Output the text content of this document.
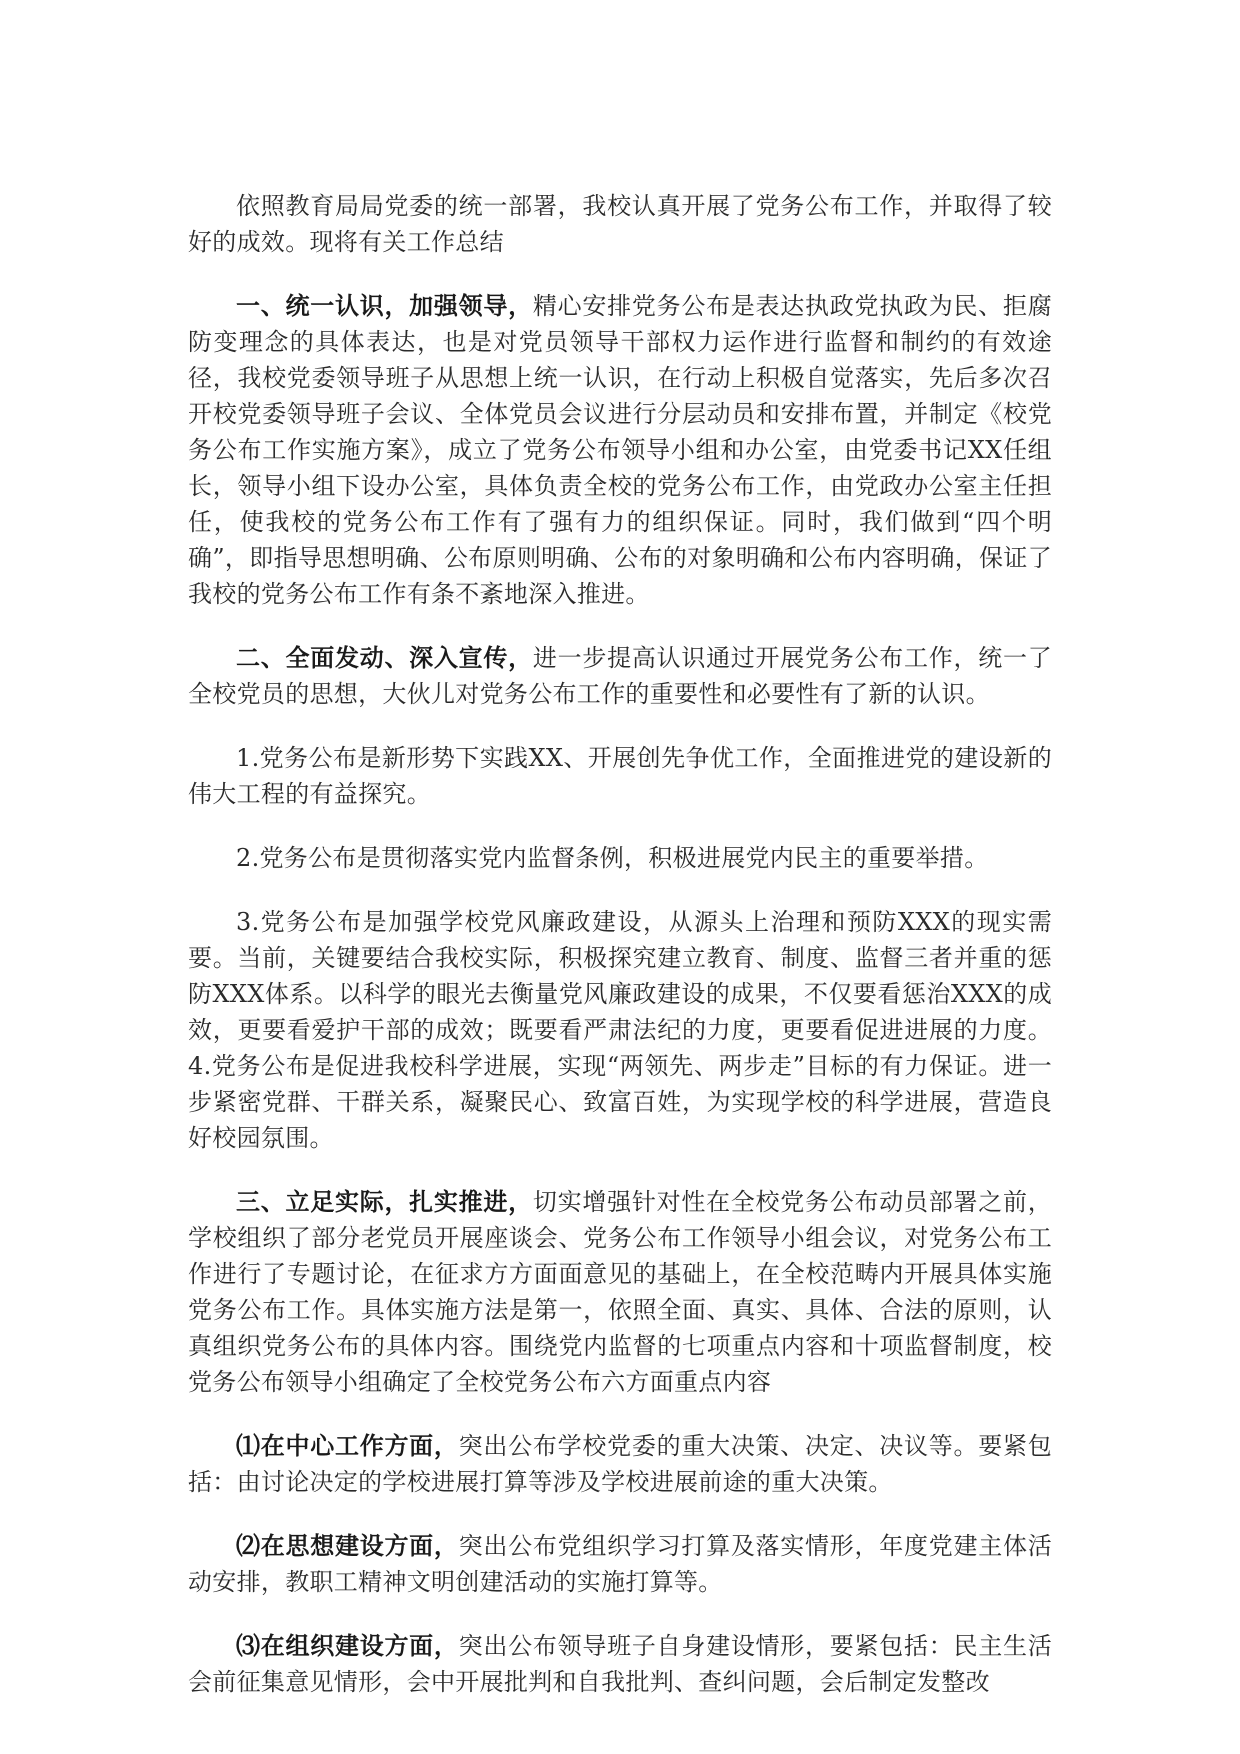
依照教育局局党委的统一部署，我校认真开展了党务公布工作，并取得了较好的成效。现将有关工作总结

一、统一认识，加强领导，精心安排党务公布是表达执政党执政为民、拒腐防变理念的具体表达，也是对党员领导干部权力运作进行监督和制约的有效途径，我校党委领导班子从思想上统一认识，在行动上积极自觉落实，先后多次召开校党委领导班子会议、全体党员会议进行分层动员和安排布置，并制定《校党务公布工作实施方案》，成立了党务公布领导小组和办公室，由党委书记XX任组长，领导小组下设办公室，具体负责全校的党务公布工作，由党政办公室主任担任，使我校的党务公布工作有了强有力的组织保证。同时，我们做到“四个明确”，即指导思想明确、公布原则明确、公布的对象明确和公布内容明确，保证了我校的党务公布工作有条不紊地深入推进。

二、全面发动、深入宣传，进一步提高认识通过开展党务公布工作，统一了全校党员的思想，大伙儿对党务公布工作的重要性和必要性有了新的认识。

1.党务公布是新形势下实践XX、开展创先争优工作，全面推进党的建设新的伟大工程的有益探究。

2.党务公布是贯彻落实党内监督条例，积极进展党内民主的重要举措。

3.党务公布是加强学校党风廉政建设，从源头上治理和预防XXX的现实需要。当前，关键要结合我校实际，积极探究建立教育、制度、监督三者并重的惩防XXX体系。以科学的眼光去衡量党风廉政建设的成果，不仅要看惩治XXX的成效，更要看爱护干部的成效；既要看严肃法纪的力度，更要看促进进展的力度。4.党务公布是促进我校科学进展，实现“两领先、两步走”目标的有力保证。进一步紧密党群、干群关系，凝聚民心、致富百姓，为实现学校的科学进展，营造良好校园氛围。

三、立足实际，扎实推进，切实增强针对性在全校党务公布动员部署之前，学校组织了部分老党员开展座谈会、党务公布工作领导小组会议，对党务公布工作进行了专题讨论，在征求方方面面意见的基础上，在全校范畴内开展具体实施党务公布工作。具体实施方法是第一，依照全面、真实、具体、合法的原则，认真组织党务公布的具体内容。围绕党内监督的七项重点内容和十项监督制度，校党务公布领导小组确定了全校党务公布六方面重点内容

⑴在中心工作方面，突出公布学校党委的重大决策、决定、决议等。要紧包括：由讨论决定的学校进展打算等涉及学校进展前途的重大决策。

⑵在思想建设方面，突出公布党组织学习打算及落实情形，年度党建主体活动安排，教职工精神文明创建活动的实施打算等。

⑶在组织建设方面，突出公布领导班子自身建设情形，要紧包括：民主生活会前征集意见情形，会中开展批判和自我批判、查纠问题，会后制定发整改
